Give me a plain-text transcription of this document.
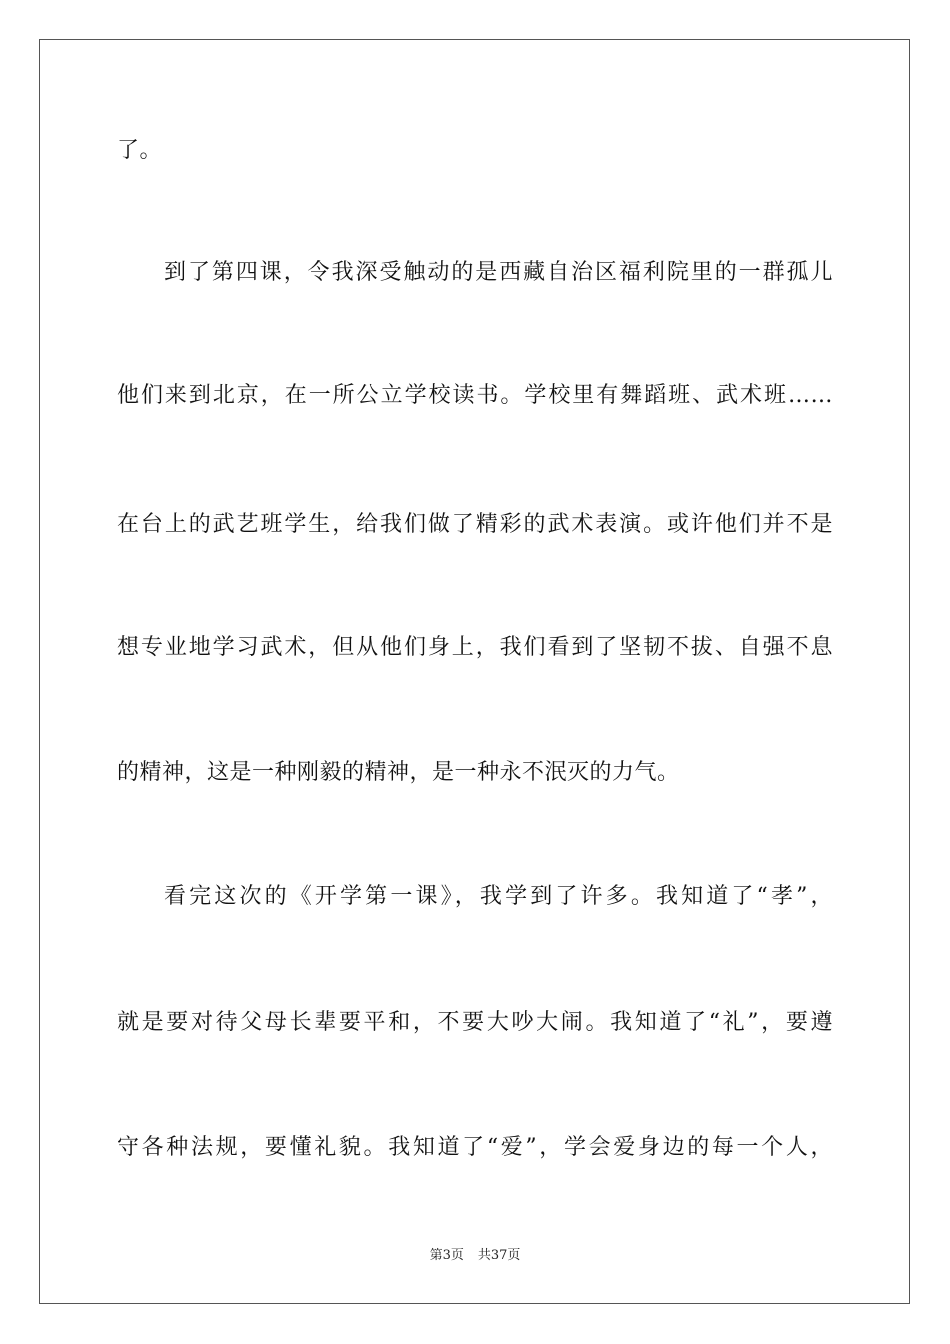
了。
到了第四课，令我深受触动的是西藏自治区福利院里的一群孤儿
他们来到北京，在一所公立学校读书。学校里有舞蹈班、武术班……
在台上的武艺班学生，给我们做了精彩的武术表演。或许他们并不是
想专业地学习武术，但从他们身上，我们看到了坚韧不拔、自强不息
的精神，这是一种刚毅的精神，是一种永不泯灭的力气。
看完这次的《开学第一课》，我学到了许多。我知道了“孝”，
就是要对待父母长辈要平和，不要大吵大闹。我知道了“礼”，要遵
守各种法规，要懂礼貌。我知道了“爱”，学会爱身边的每一个人，
第3页 共37页
